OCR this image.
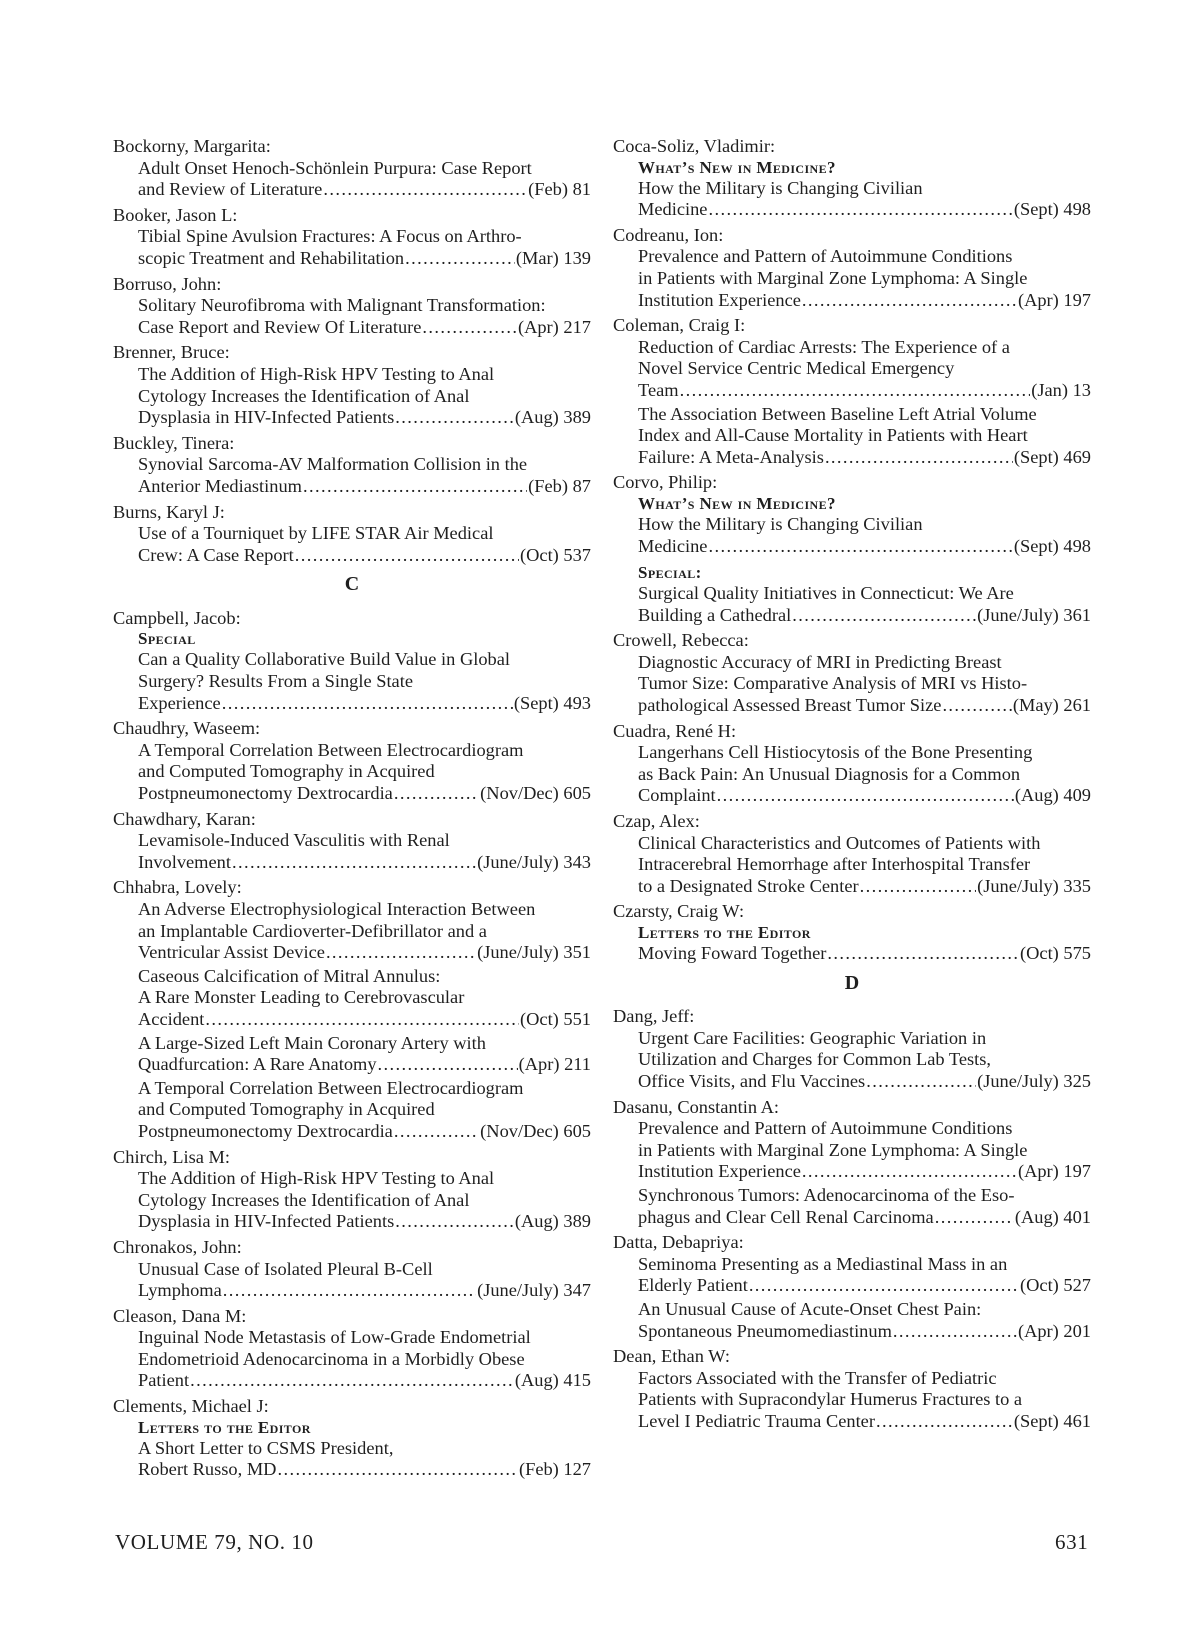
Bockorny, Margarita:
Adult Onset Henoch-Schönlein Purpura: Case Report
and Review of Literature .....	(Feb) 81
Booker, Jason L:
Tibial Spine Avulsion Fractures: A Focus on Arthro-
scopic Treatment and Rehabilitation .....	(Mar) 139
Borruso, John:
Solitary Neurofibroma with Malignant Transformation:
Case Report and Review Of Literature .....	(Apr) 217
Brenner, Bruce:
The Addition of High-Risk HPV Testing to Anal
Cytology Increases the Identification of Anal
Dysplasia in HIV-Infected Patients .....	(Aug) 389
Buckley, Tinera:
Synovial Sarcoma-AV Malformation Collision in the
Anterior Mediastinum .....	(Feb) 87
Burns, Karyl J:
Use of a Tourniquet by LIFE STAR Air Medical
Crew: A Case Report .....	(Oct) 537
C
Campbell, Jacob:
Special
Can a Quality Collaborative Build Value in Global
Surgery? Results From a Single State
Experience .....	(Sept) 493
Chaudhry, Waseem:
A Temporal Correlation Between Electrocardiogram
and Computed Tomography in Acquired
Postpneumonectomy Dextrocardia .....	(Nov/Dec) 605
Chawdhary, Karan:
Levamisole-Induced Vasculitis with Renal
Involvement .....	(June/July) 343
Chhabra, Lovely:
An Adverse Electrophysiological Interaction Between
an Implantable Cardioverter-Defibrillator and a
Ventricular Assist Device .....	(June/July) 351
Caseous Calcification of Mitral Annulus:
A Rare Monster Leading to Cerebrovascular
Accident .....	(Oct) 551
A Large-Sized Left Main Coronary Artery with
Quadfurcation: A Rare Anatomy .....	(Apr) 211
A Temporal Correlation Between Electrocardiogram
and Computed Tomography in Acquired
Postpneumonectomy Dextrocardia .....	(Nov/Dec) 605
Chirch, Lisa M:
The Addition of High-Risk HPV Testing to Anal
Cytology Increases the Identification of Anal
Dysplasia in HIV-Infected Patients .....	(Aug) 389
Chronakos, John:
Unusual Case of Isolated Pleural B-Cell
Lymphoma .....	(June/July) 347
Cleason, Dana M:
Inguinal Node Metastasis of Low-Grade Endometrial
Endometrioid Adenocarcinoma in a Morbidly Obese
Patient .....	(Aug) 415
Clements, Michael J:
Letters to the Editor
A Short Letter to CSMS President,
Robert Russo, MD .....	(Feb) 127
Coca-Soliz, Vladimir:
What’s New in Medicine?
How the Military is Changing Civilian
Medicine .....	(Sept) 498
Codreanu, Ion:
Prevalence and Pattern of Autoimmune Conditions
in Patients with Marginal Zone Lymphoma: A Single
Institution Experience .....	(Apr) 197
Coleman, Craig I:
Reduction of Cardiac Arrests: The Experience of a
Novel Service Centric Medical Emergency
Team .....	(Jan) 13
The Association Between Baseline Left Atrial Volume
Index and All-Cause Mortality in Patients with Heart
Failure: A Meta-Analysis .....	(Sept) 469
Corvo, Philip:
What’s New in Medicine?
How the Military is Changing Civilian
Medicine .....	(Sept) 498
Special:
Surgical Quality Initiatives in Connecticut: We Are
Building a Cathedral .....	(June/July) 361
Crowell, Rebecca:
Diagnostic Accuracy of MRI in Predicting Breast
Tumor Size: Comparative Analysis of MRI vs Histo-
pathological Assessed Breast Tumor Size .....	(May) 261
Cuadra, René H:
Langerhans Cell Histiocytosis of the Bone Presenting
as Back Pain: An Unusual Diagnosis for a Common
Complaint .....	(Aug) 409
Czap, Alex:
Clinical Characteristics and Outcomes of Patients with
Intracerebral Hemorrhage after Interhospital Transfer
to a Designated Stroke Center .....	(June/July) 335
Czarsty, Craig W:
Letters to the Editor
Moving Foward Together .....	(Oct) 575
D
Dang, Jeff:
Urgent Care Facilities: Geographic Variation in
Utilization and Charges for Common Lab Tests,
Office Visits, and Flu Vaccines .....	(June/July) 325
Dasanu, Constantin A:
Prevalence and Pattern of Autoimmune Conditions
in Patients with Marginal Zone Lymphoma: A Single
Institution Experience .....	(Apr) 197
Synchronous Tumors: Adenocarcinoma of the Eso-
phagus and Clear Cell Renal Carcinoma .....	(Aug) 401
Datta, Debapriya:
Seminoma Presenting as a Mediastinal Mass in an
Elderly Patient .....	(Oct) 527
An Unusual Cause of Acute-Onset Chest Pain:
Spontaneous Pneumomediastinum .....	(Apr) 201
Dean, Ethan W:
Factors Associated with the Transfer of Pediatric
Patients with Supracondylar Humerus Fractures to a
Level I Pediatric Trauma Center .....	(Sept) 461
VOLUME 79, NO. 10	631
